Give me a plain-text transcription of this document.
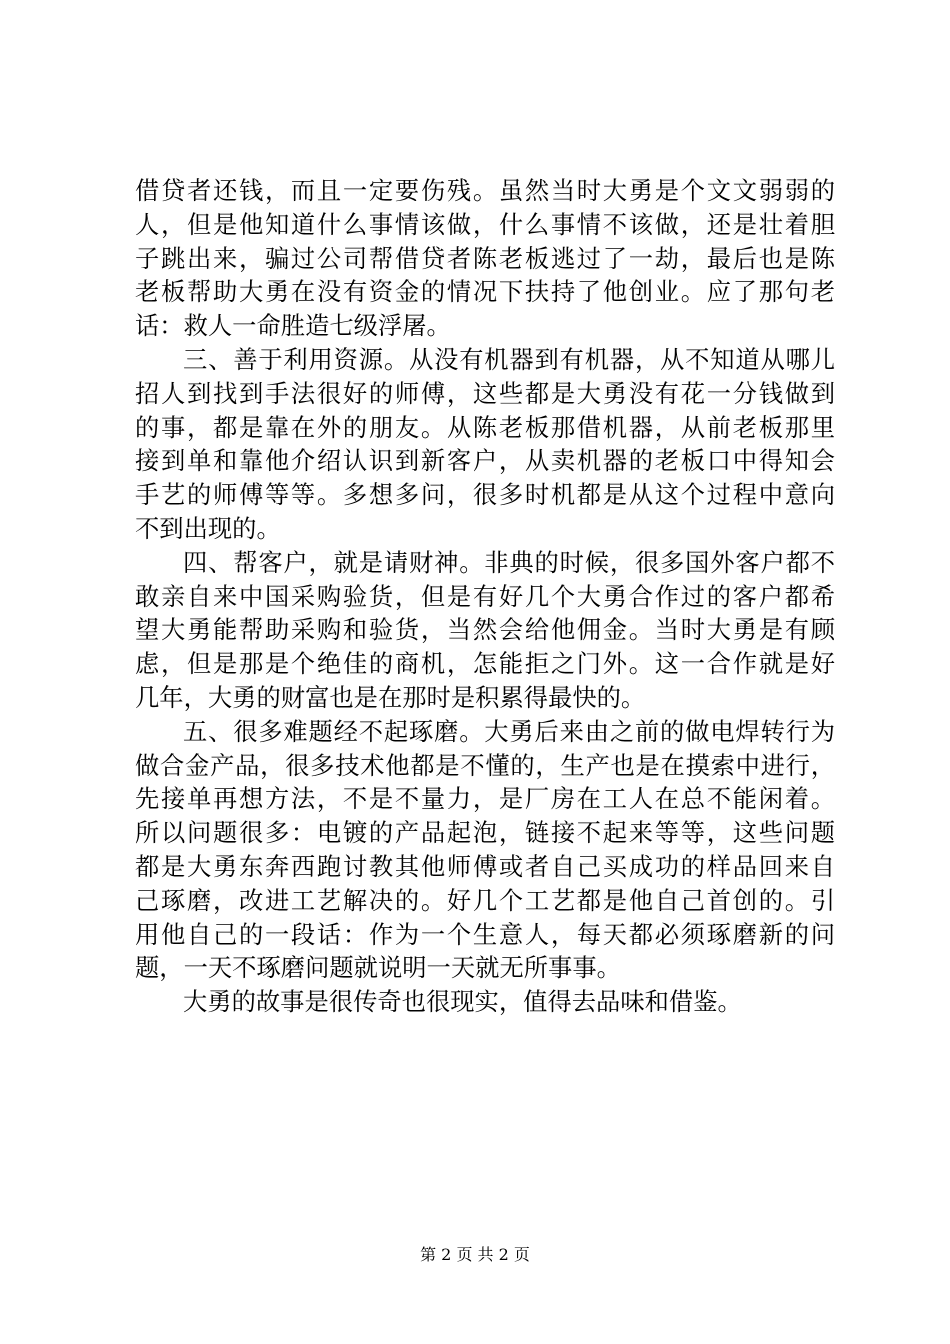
借贷者还钱，而且一定要伤残。虽然当时大勇是个文文弱弱的
人，但是他知道什么事情该做，什么事情不该做，还是壮着胆
子跳出来，骗过公司帮借贷者陈老板逃过了一劫，最后也是陈
老板帮助大勇在没有资金的情况下扶持了他创业。应了那句老
话：救人一命胜造七级浮屠。
三、善于利用资源。从没有机器到有机器，从不知道从哪儿
招人到找到手法很好的师傅，这些都是大勇没有花一分钱做到
的事，都是靠在外的朋友。从陈老板那借机器，从前老板那里
接到单和靠他介绍认识到新客户，从卖机器的老板口中得知会
手艺的师傅等等。多想多问，很多时机都是从这个过程中意向
不到出现的。
四、帮客户，就是请财神。非典的时候，很多国外客户都不
敢亲自来中国采购验货，但是有好几个大勇合作过的客户都希
望大勇能帮助采购和验货，当然会给他佣金。当时大勇是有顾
虑，但是那是个绝佳的商机，怎能拒之门外。这一合作就是好
几年，大勇的财富也是在那时是积累得最快的。
五、很多难题经不起琢磨。大勇后来由之前的做电焊转行为
做合金产品，很多技术他都是不懂的，生产也是在摸索中进行，
先接单再想方法，不是不量力，是厂房在工人在总不能闲着。
所以问题很多：电镀的产品起泡，链接不起来等等，这些问题
都是大勇东奔西跑讨教其他师傅或者自己买成功的样品回来自
己琢磨，改进工艺解决的。好几个工艺都是他自己首创的。引
用他自己的一段话：作为一个生意人，每天都必须琢磨新的问
题，一天不琢磨问题就说明一天就无所事事。
大勇的故事是很传奇也很现实，值得去品味和借鉴。
第 2 页 共 2 页
